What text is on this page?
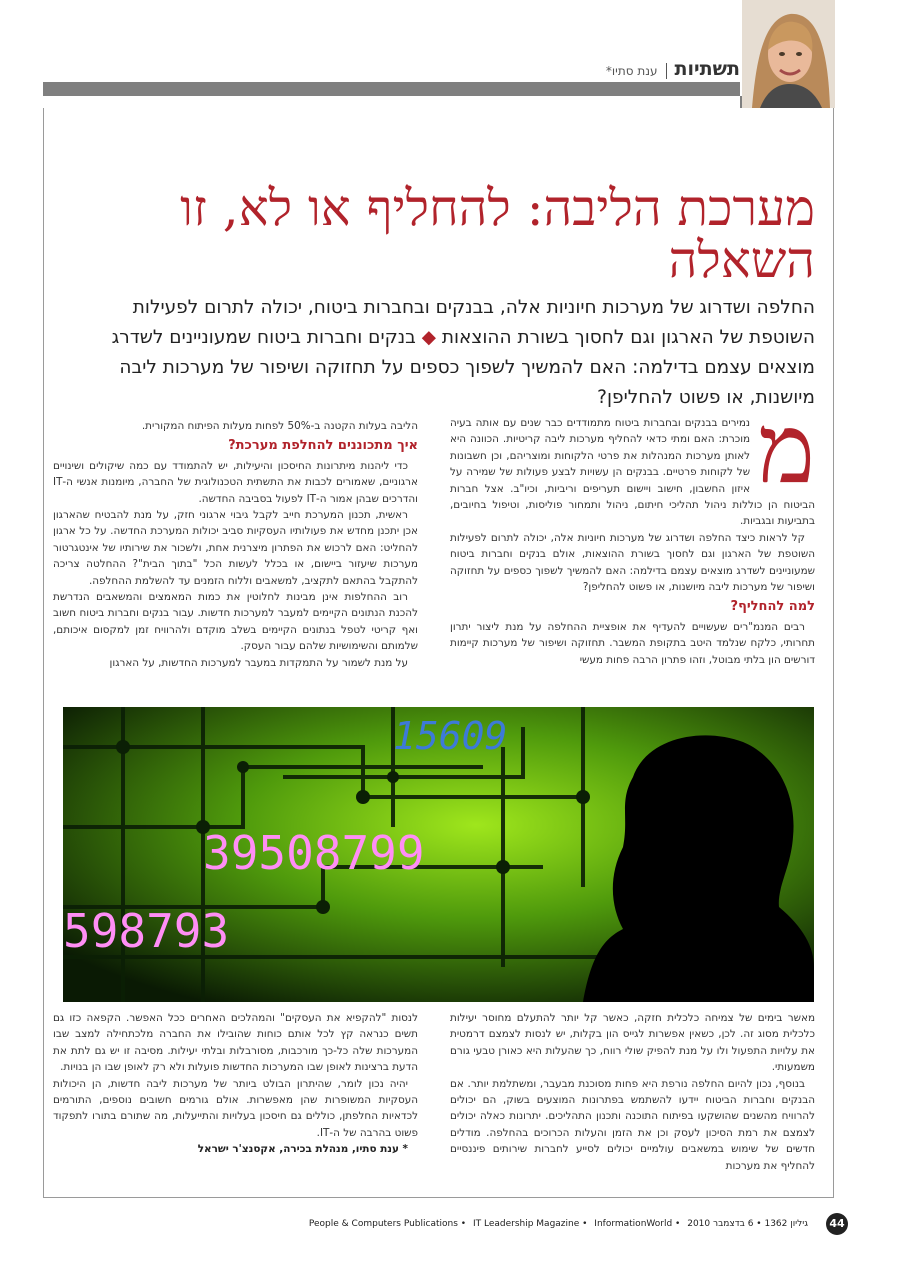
תשתיותענת סתיו*
מערכת הליבה: להחליף או לא, זו השאלה
החלפה ושדרוג של מערכות חיוניות אלה, בבנקים ובחברות ביטוח, יכולה לתרום לפעילות השוטפת של הארגון וגם לחסוך בשורת ההוצאות ◆ בנקים וחברות ביטוח שמעוניינים לשדרג מוצאים עצמם בדילמה: האם להמשיך לשפוך כספים על תחזוקה ושיפור של מערכות ליבה מיושנות, או פשוט להחליפן?
מ

נמירים בבנקים ובחברות ביטוח מתמודדים כבר שנים עם אותה בעיה מוכרת: האם ומתי כדאי להחליף מערכות ליבה קריטיות. הכוונה היא לאותן מערכות המנהלות את פרטי הלקוחות ומוצריהם, וכן חשבונות של לקוחות פרטיים. בבנקים הן עשויות לבצע פעולות של שמירה על איזון החשבון, חישוב ויישום תעריפים וריביות, וכיו"ב. אצל חברות הביטוח הן כוללות ניהול תהליכי חיתום, ניהול ותמחור פוליסות, וטיפול בחיובים, בתביעות ובגביות.

קל לראות כיצד החלפה ושדרוג של מערכות חיוניות אלה, יכולה לתרום לפעילות השוטפת של הארגון וגם לחסוך בשורת ההוצאות, אולם בנקים וחברות ביטוח שמעוניינים לשדרג מוצאים עצמם בדילמה: האם להמשיך לשפוך כספים על תחזוקה ושיפור של מערכות ליבה מיושנות, או פשוט להחליפן?

למה להחליף?

רבים המנמ"רים שעשויים להעדיף את אופציית ההחלפה על מנת ליצור יתרון תחרותי, כלקח שנלמד היטב בתקופת המשבר. תחזוקה ושיפור של מערכות קיימות דורשים הון בלתי מבוטל, וזהו פתרון הרבה פחות מעשי

הליבה בעלות הקטנה ב-50% לפחות מעלות הפיתוח המקורית.

איך מתכוננים להחלפת מערכת?

כדי ליהנות מיתרונות החיסכון והיעילות, יש להתמודד עם כמה שיקולים ושינויים ארגוניים, שאמורים לכבות את התשתית הטכנולוגית של החברה, מיומנות אנשי ה-IT והדרכים שבהן אמור ה-IT לפעול בסביבה החדשה.

ראשית, תכנון המערכת חייב לקבל גיבוי ארגוני חזק, על מנת להבטיח שהארגון אכן יתכנן מחדש את פעולותיו העסקיות סביב יכולות המערכת החדשה. על כל ארגון להחליט: האם לרכוש את הפתרון מיצרנית אחת, ולשכור את שירותיו של אינטגרטור מערכות שיעזור ביישום, או בכלל לעשות הכל "בתוך הבית"? ההחלטה צריכה להתקבל בהתאם לתקציב, למשאבים וללוח הזמנים עד להשלמת ההחלפה.

רוב ההחלפות אינן מבינות לחלוטין את כמות המאמצים והמשאבים הנדרשת להכנת הנתונים הקיימים למעבר למערכות חדשות. עבור בנקים וחברות ביטוח חשוב ואף קריטי לטפל בנתונים הקיימים בשלב מוקדם ולהרוויח זמן למקסום איכותם, שלמותם והשימושיות שלהם עבור העסק.

על מנת לשמור על התמקדות במעבר למערכות החדשות, על הארגון

15609
39508799
598793

מאשר בימים של צמיחה כלכלית חזקה, כאשר קל יותר להתעלם מחוסר יעילות כלכלית מסוג זה. לכן, כשאין אפשרות לגייס הון בקלות, יש לנסות לצמצם דרמטית את עלויות התפעול ולו על מנת להפיק שולי רווח, כך שהעלות היא כאורן טבעי גורם משמעותי.

בנוסף, נכון להיום החלפה נורפת היא פחות מסוכנת מבעבר, ומשתלמת יותר. אם הבנקים וחברות הביטוח יידעו להשתמש בפתרונות המוצעים בשוק, הם יכולים להרוויח מהשנים שהושקעו בפיתוח התוכנה ותכנון התהליכים. יתרונות כאלה יכולים לצמצם את רמת הסיכון לעסק וכן את הזמן והעלות הכרוכים בהחלפה. מודלים חדשים של שימוש במשאבים עולמיים יכולים לסייע לחברות שירותים פיננסיים להחליף את מערכות

לנסות "להקפיא את העסקים" והמהלכים האחרים ככל האפשר. הקפאה כזו גם תשים כנראה קץ לכל אותם כוחות שהובילו את החברה מלכתחילה למצב שבו המערכות שלה כל-כך מורכבות, מסורבלות ובלתי יעילות. מסיבה זו יש גם לתת את הדעת ברצינות לאופן שבו המערכות החדשות פועלות ולא רק לאופן שבו הן בנויות.

יהיה נכון לומר, שהיתרון הבולט ביותר של מערכות ליבה חדשות, הן היכולות העסקיות המשופרות שהן מאפשרות. אולם גורמים חשובים נוספים, התורמים לכדאיות החלפתן, כוללים גם חיסכון בעלויות והתייעלות, מה שתורם בתורו לתפקוד פשוט בהרבה של ה-IT.

* ענת סתיו, מנהלת בכירה, אקסנצ'ר ישראל

גיליון 1362 • 6 בדצמבר 2010 • People & Computers Publications • IT Leadership Magazine • InformationWorld	44
